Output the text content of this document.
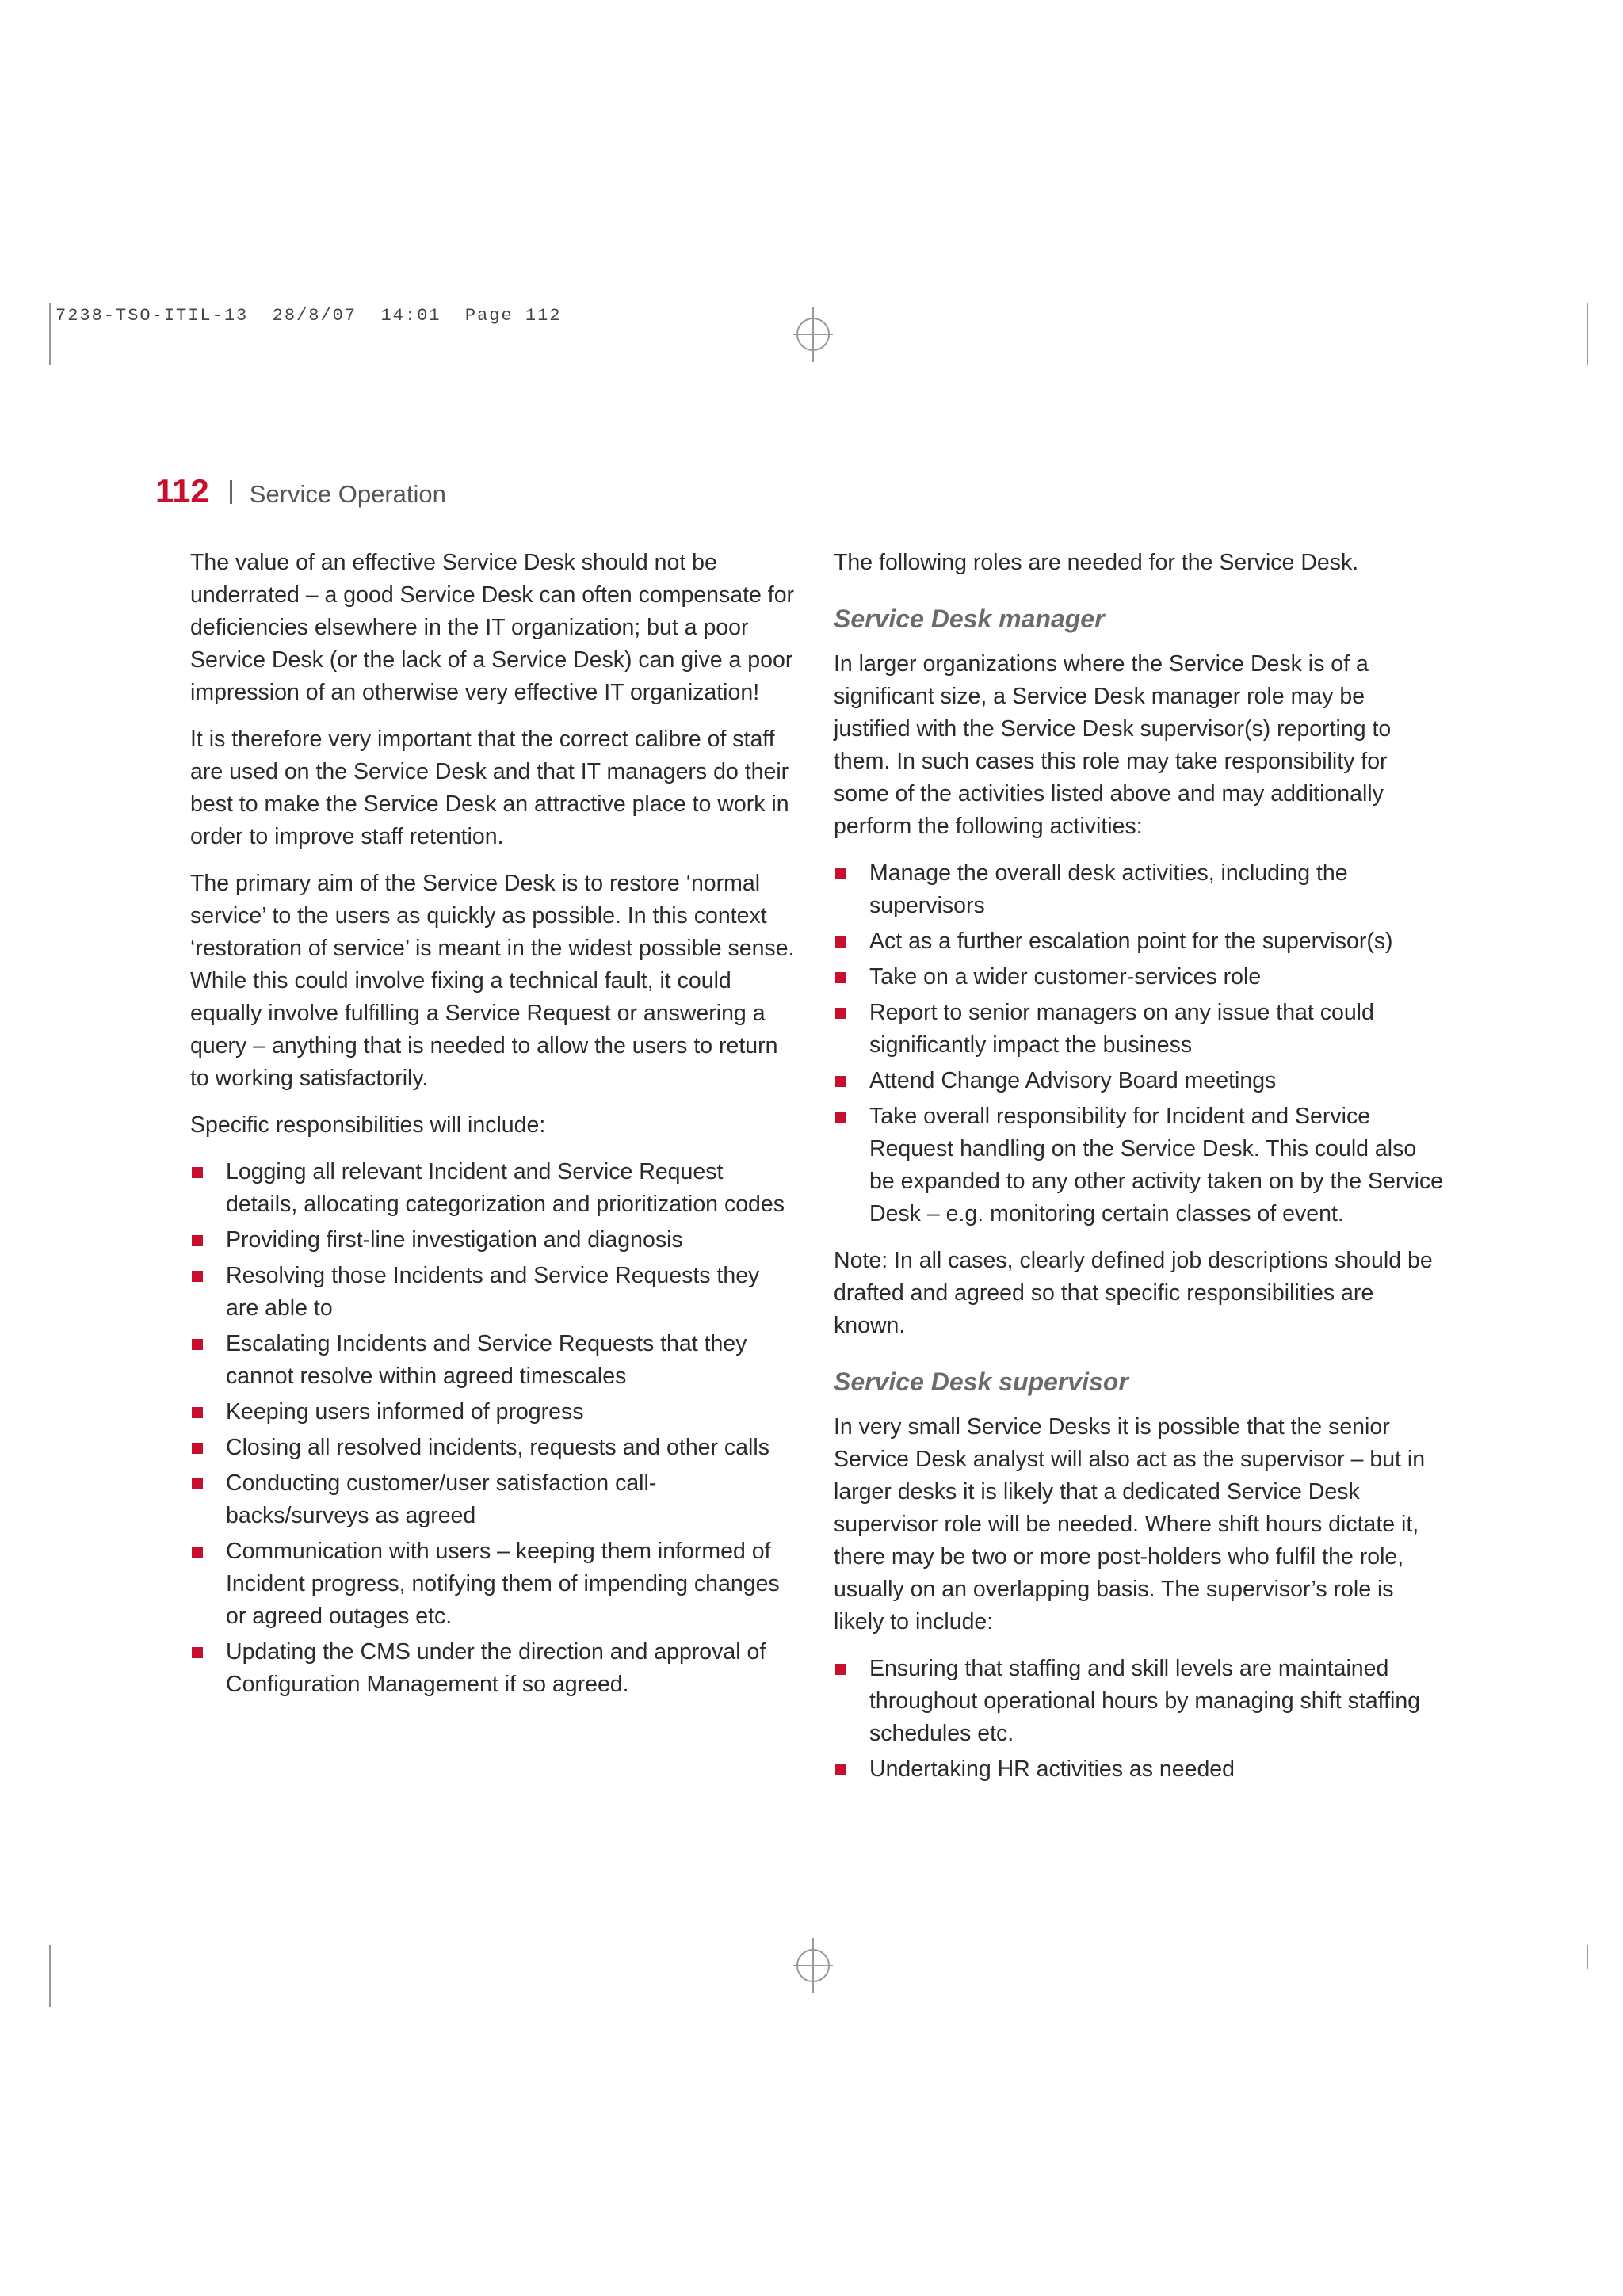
7238-TSO-ITIL-13  28/8/07  14:01  Page 112
112 Service Operation

The value of an effective Service Desk should not be underrated – a good Service Desk can often compensate for deficiencies elsewhere in the IT organization; but a poor Service Desk (or the lack of a Service Desk) can give a poor impression of an otherwise very effective IT organization!

It is therefore very important that the correct calibre of staff are used on the Service Desk and that IT managers do their best to make the Service Desk an attractive place to work in order to improve staff retention.

The primary aim of the Service Desk is to restore ‘normal service’ to the users as quickly as possible. In this context ‘restoration of service’ is meant in the widest possible sense. While this could involve fixing a technical fault, it could equally involve fulfilling a Service Request or answering a query – anything that is needed to allow the users to return to working satisfactorily.

Specific responsibilities will include:

Logging all relevant Incident and Service Request details, allocating categorization and prioritization codes
Providing first-line investigation and diagnosis
Resolving those Incidents and Service Requests they are able to
Escalating Incidents and Service Requests that they cannot resolve within agreed timescales
Keeping users informed of progress
Closing all resolved incidents, requests and other calls
Conducting customer/user satisfaction call-backs/surveys as agreed
Communication with users – keeping them informed of Incident progress, notifying them of impending changes or agreed outages etc.
Updating the CMS under the direction and approval of Configuration Management if so agreed.

The following roles are needed for the Service Desk.

Service Desk manager

In larger organizations where the Service Desk is of a significant size, a Service Desk manager role may be justified with the Service Desk supervisor(s) reporting to them. In such cases this role may take responsibility for some of the activities listed above and may additionally perform the following activities:

Manage the overall desk activities, including the supervisors
Act as a further escalation point for the supervisor(s)
Take on a wider customer-services role
Report to senior managers on any issue that could significantly impact the business
Attend Change Advisory Board meetings
Take overall responsibility for Incident and Service Request handling on the Service Desk. This could also be expanded to any other activity taken on by the Service Desk – e.g. monitoring certain classes of event.

Note: In all cases, clearly defined job descriptions should be drafted and agreed so that specific responsibilities are known.

Service Desk supervisor

In very small Service Desks it is possible that the senior Service Desk analyst will also act as the supervisor – but in larger desks it is likely that a dedicated Service Desk supervisor role will be needed. Where shift hours dictate it, there may be two or more post-holders who fulfil the role, usually on an overlapping basis. The supervisor’s role is likely to include:

Ensuring that staffing and skill levels are maintained throughout operational hours by managing shift staffing schedules etc.
Undertaking HR activities as needed
